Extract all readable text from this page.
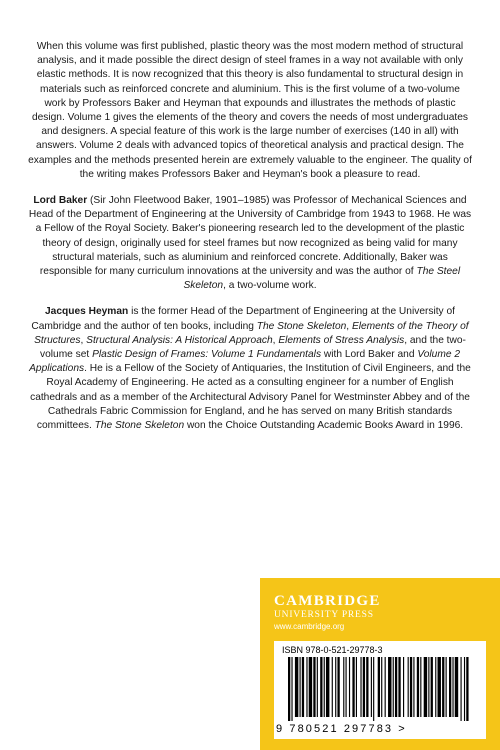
When this volume was first published, plastic theory was the most modern method of structural analysis, and it made possible the direct design of steel frames in a way not available with only elastic methods. It is now recognized that this theory is also fundamental to structural design in materials such as reinforced concrete and aluminium. This is the first volume of a two-volume work by Professors Baker and Heyman that expounds and illustrates the methods of plastic design. Volume 1 gives the elements of the theory and covers the needs of most undergraduates and designers. A special feature of this work is the large number of exercises (140 in all) with answers. Volume 2 deals with advanced topics of theoretical analysis and practical design. The examples and the methods presented herein are extremely valuable to the engineer. The quality of the writing makes Professors Baker and Heyman's book a pleasure to read.

Lord Baker (Sir John Fleetwood Baker, 1901–1985) was Professor of Mechanical Sciences and Head of the Department of Engineering at the University of Cambridge from 1943 to 1968. He was a Fellow of the Royal Society. Baker's pioneering research led to the development of the plastic theory of design, originally used for steel frames but now recognized as being valid for many structural materials, such as aluminium and reinforced concrete. Additionally, Baker was responsible for many curriculum innovations at the university and was the author of The Steel Skeleton, a two-volume work.

Jacques Heyman is the former Head of the Department of Engineering at the University of Cambridge and the author of ten books, including The Stone Skeleton, Elements of the Theory of Structures, Structural Analysis: A Historical Approach, Elements of Stress Analysis, and the two-volume set Plastic Design of Frames: Volume 1 Fundamentals with Lord Baker and Volume 2 Applications. He is a Fellow of the Society of Antiquaries, the Institution of Civil Engineers, and the Royal Academy of Engineering. He acted as a consulting engineer for a number of English cathedrals and as a member of the Architectural Advisory Panel for Westminster Abbey and of the Cathedrals Fabric Commission for England, and he has served on many British standards committees. The Stone Skeleton won the Choice Outstanding Academic Books Award in 1996.

CAMBRIDGE
UNIVERSITY PRESS
www.cambridge.org
ISBN 978-0-521-29778-3
9 780521 297783 >
